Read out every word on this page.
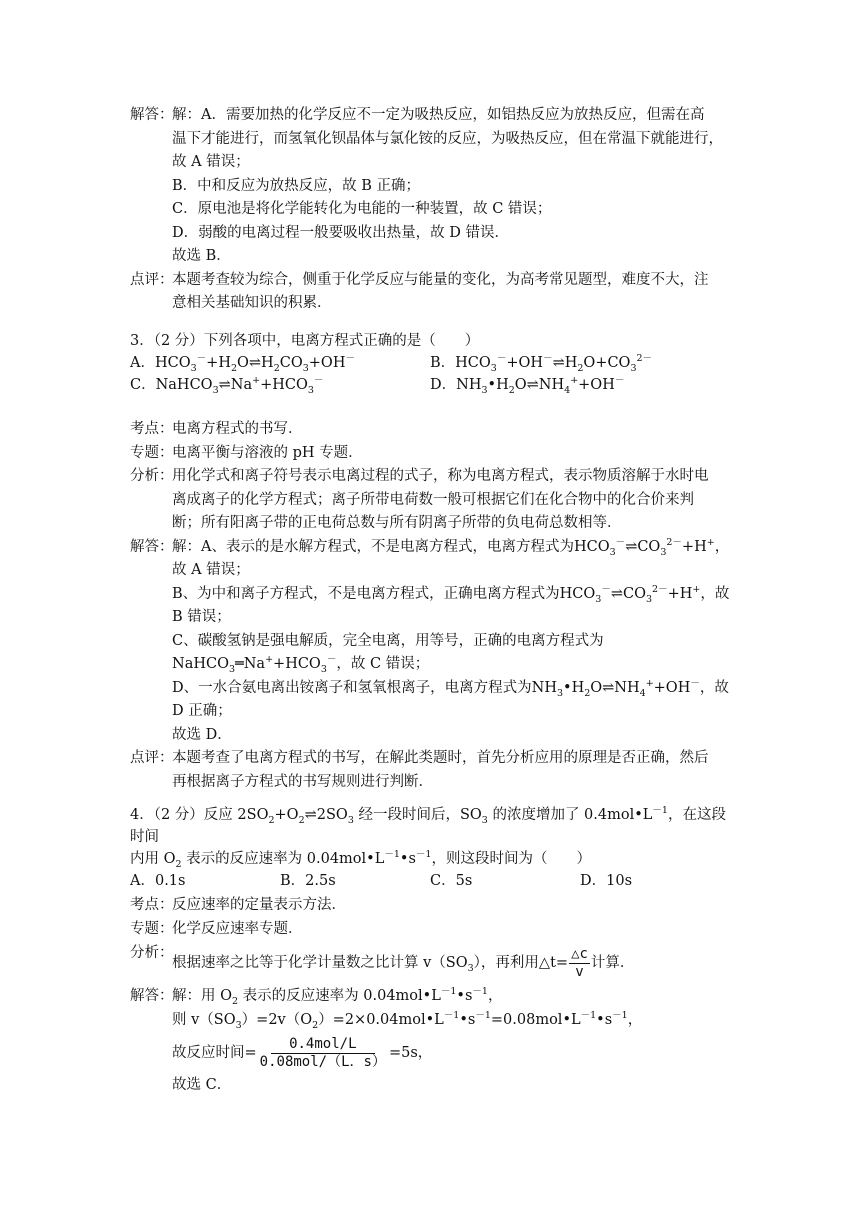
解答：
解：A．需要加热的化学反应不一定为吸热反应，如铝热反应为放热反应，但需在高
温下才能进行，而氢氧化钡晶体与氯化铵的反应，为吸热反应，但在常温下就能进行，
故 A 错误；
B．中和反应为放热反应，故 B 正确；
C．原电池是将化学能转化为电能的一种装置，故 C 错误；
D．弱酸的电离过程一般要吸收出热量，故 D 错误．
故选 B．
点评：
本题考查较为综合，侧重于化学反应与能量的变化，为高考常见题型，难度不大，注
意相关基础知识的积累．
3．（2 分）下列各项中，电离方程式正确的是（　　）
A．$HCO_3^-+H_2O\rightleftharpoons H_2CO_3+OH^-$	B．$HCO_3^-+OH^-\rightleftharpoons H_2O+CO_3^{2-}$
C．$NaHCO_3\rightleftharpoons Na^++HCO_3^-$	D．$NH_3•H_2O\rightleftharpoons NH_4^++OH^-$
考点：
电离方程式的书写．
专题：
电离平衡与溶液的 pH 专题．
分析：
用化学式和离子符号表示电离过程的式子，称为电离方程式，表示物质溶解于水时电
离成离子的化学方程式；离子所带电荷数一般可根据它们在化合物中的化合价来判
断；所有阳离子带的正电荷总数与所有阴离子所带的负电荷总数相等．
解答：
解：A、表示的是水解方程式，不是电离方程式，电离方程式为$HCO_3^-\rightleftharpoons CO_3^{2-}+H^+$，
故 A 错误；
B、为中和离子方程式，不是电离方程式，正确电离方程式为$HCO_3^-\rightleftharpoons CO_3^{2-}+H^+$，故
B 错误；
C、碳酸氢钠是强电解质，完全电离，用等号，正确的电离方程式为
$NaHCO_3═Na^++HCO_3^-$，故 C 错误；
D、一水合氨电离出铵离子和氢氧根离子，电离方程式为$NH_3•H_2O\rightleftharpoons NH_4^++OH^-$，故
D 正确；
故选 D．
点评：
本题考查了电离方程式的书写，在解此类题时，首先分析应用的原理是否正确，然后
再根据离子方程式的书写规则进行判断．
4．（2 分）反应 $2SO_2+O_2\rightleftharpoons 2SO_3$ 经一段时间后，$SO_3$ 的浓度增加了 $0.4mol•L^{-1}$，在这段时间
内用 $O_2$ 表示的反应速率为 $0.04mol•L^{-1}•s^{-1}$，则这段时间为（　　）
A．0.1s	B．2.5s	C．5s	D．10s
考点：
反应速率的定量表示方法．
专题：
化学反应速率专题．
分析：
根据速率之比等于化学计量数之比计算 $v(SO_3)$，再利用△t= $\frac{\triangle c}{v}$ 计算．
解答：
解：用 $O_2$ 表示的反应速率为 $0.04mol•L^{-1}•s^{-1}$，
则 $v(SO_3)=2v(O_2)=2\times 0.04mol•L^{-1}•s^{-1}=0.08mol•L^{-1}•s^{-1}$，
故反应时间= $\frac{\text{0.4mol/L}}{\text{0.08mol/（L．s）}} =5s$，
故选 C．
